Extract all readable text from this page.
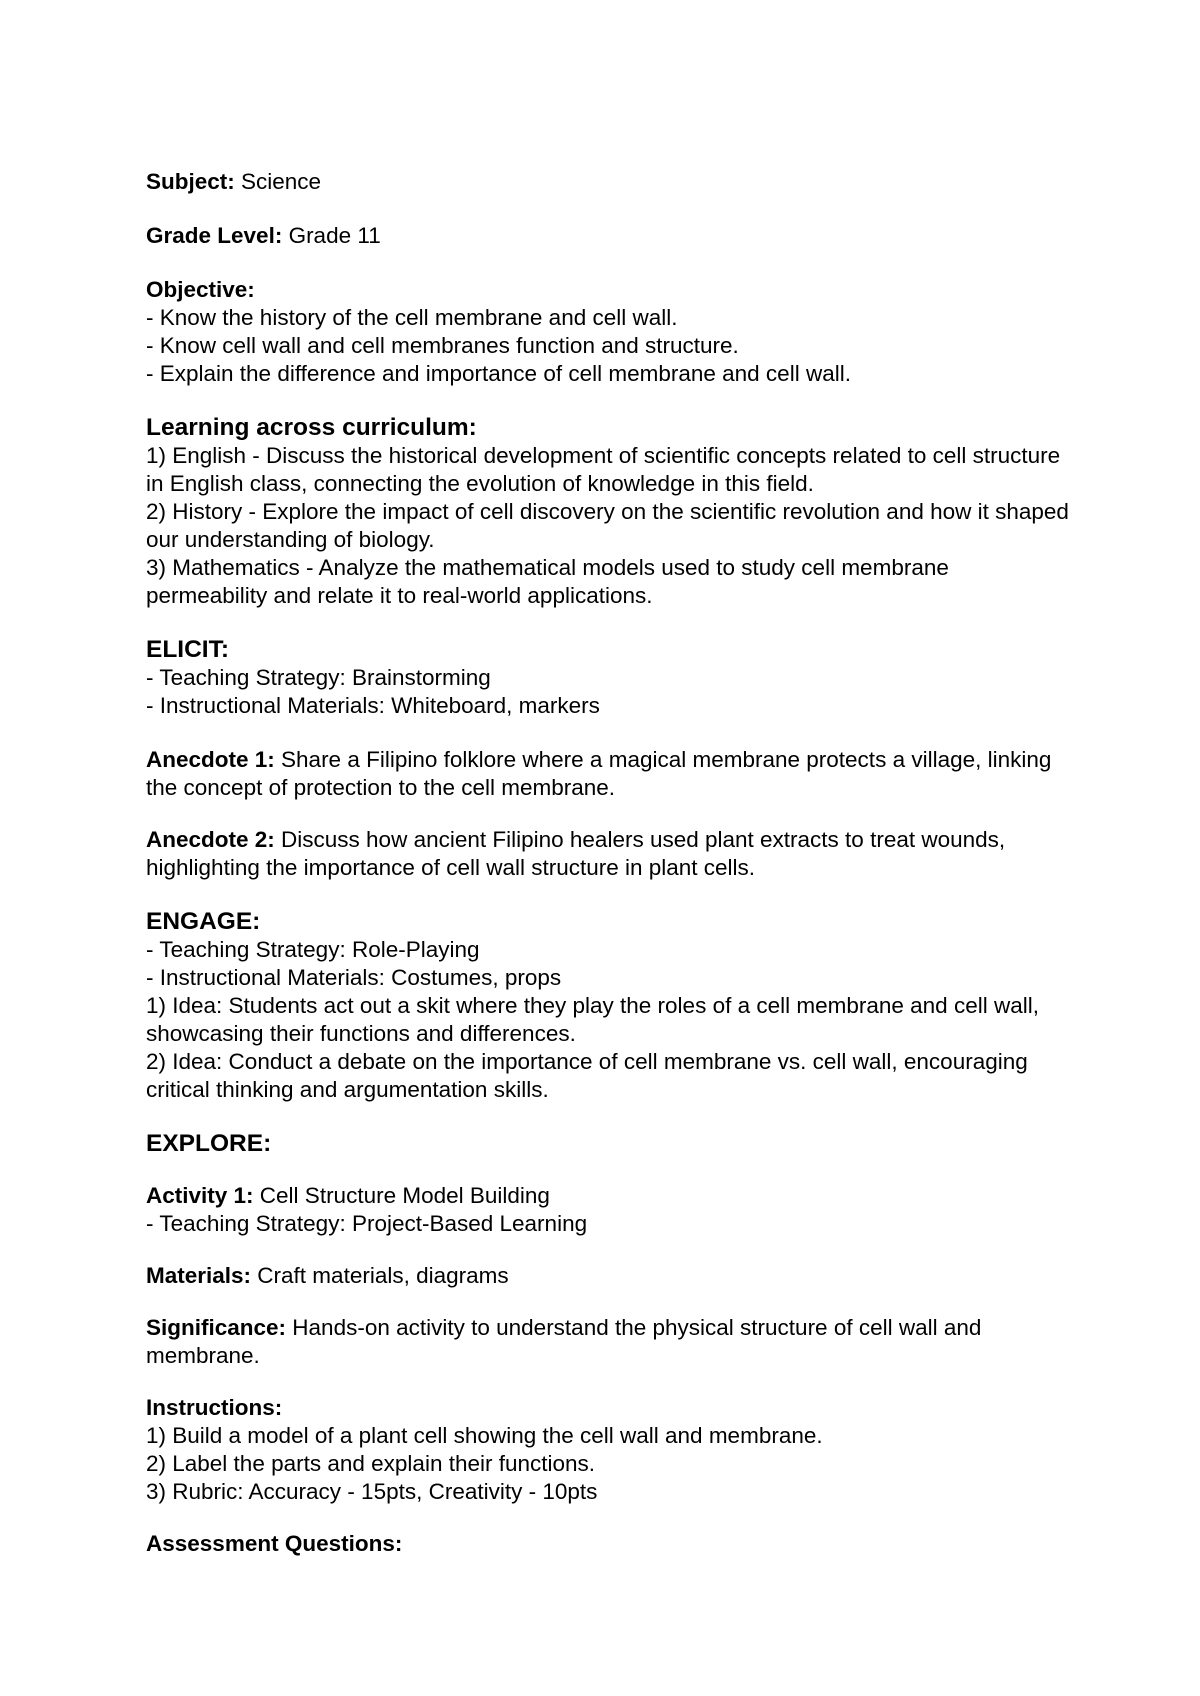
Subject: Science
Grade Level: Grade 11
Objective:
- Know the history of the cell membrane and cell wall.
- Know cell wall and cell membranes function and structure.
- Explain the difference and importance of cell membrane and cell wall.
Learning across curriculum:
1) English - Discuss the historical development of scientific concepts related to cell structure in English class, connecting the evolution of knowledge in this field.
2) History - Explore the impact of cell discovery on the scientific revolution and how it shaped our understanding of biology.
3) Mathematics - Analyze the mathematical models used to study cell membrane permeability and relate it to real-world applications.
ELICIT:
- Teaching Strategy: Brainstorming
- Instructional Materials: Whiteboard, markers
Anecdote 1: Share a Filipino folklore where a magical membrane protects a village, linking the concept of protection to the cell membrane.
Anecdote 2: Discuss how ancient Filipino healers used plant extracts to treat wounds, highlighting the importance of cell wall structure in plant cells.
ENGAGE:
- Teaching Strategy: Role-Playing
- Instructional Materials: Costumes, props
1) Idea: Students act out a skit where they play the roles of a cell membrane and cell wall, showcasing their functions and differences.
2) Idea: Conduct a debate on the importance of cell membrane vs. cell wall, encouraging critical thinking and argumentation skills.
EXPLORE:
Activity 1: Cell Structure Model Building
- Teaching Strategy: Project-Based Learning
Materials: Craft materials, diagrams
Significance: Hands-on activity to understand the physical structure of cell wall and membrane.
Instructions:
1) Build a model of a plant cell showing the cell wall and membrane.
2) Label the parts and explain their functions.
3) Rubric: Accuracy - 15pts, Creativity - 10pts
Assessment Questions:
